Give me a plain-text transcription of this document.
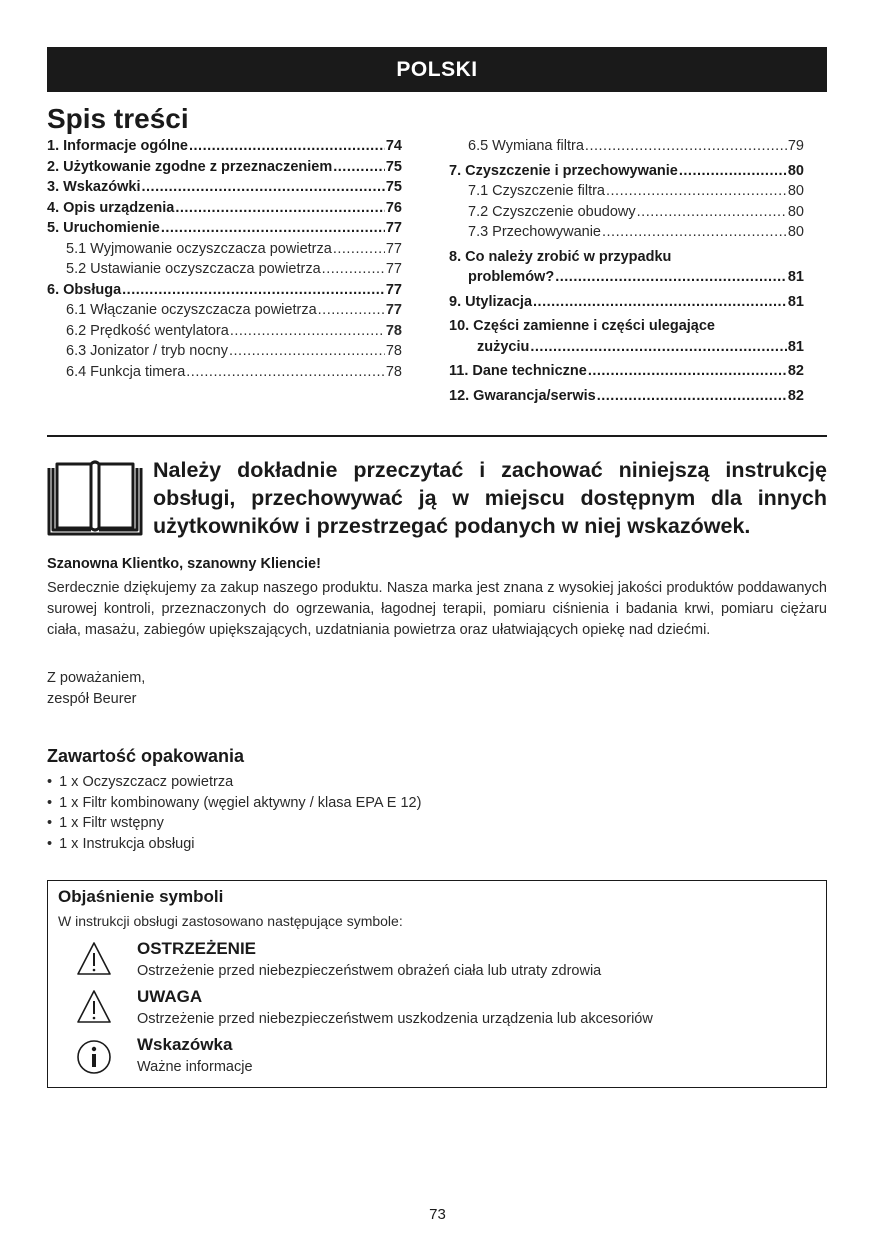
POLSKI
Spis treści
1. Informacje ogólne .....	74
2. Użytkowanie zgodne z przeznaczeniem .....	75
3. Wskazówki .....	75
4. Opis urządzenia .....	76
5. Uruchomienie .....	77
5.1 Wyjmowanie oczyszczacza powietrza .....	77
5.2 Ustawianie oczyszczacza powietrza .....	77
6. Obsługa .....	77
6.1 Włączanie oczyszczacza powietrza .....	77
6.2 Prędkość wentylatora .....	78
6.3 Jonizator / tryb nocny .....	78
6.4 Funkcja timera .....	78
6.5 Wymiana filtra .....	79
7. Czyszczenie i przechowywanie .....	80
7.1 Czyszczenie filtra .....	80
7.2 Czyszczenie obudowy .....	80
7.3 Przechowywanie .....	80
8. Co należy zrobić w przypadku
problemów? .....	81
9. Utylizacja .....	81
10. Części zamienne i części ulegające
zużyciu .....	81
11. Dane techniczne .....	82
12. Gwarancja/serwis .....	82

Należy dokładnie przeczytać i zachować niniejszą instrukcję obsługi, przechowywać ją w miejscu dostępnym dla innych użytkowników i przestrzegać podanych w niej wskazówek.

Szanowna Klientko, szanowny Kliencie!

Serdecznie dziękujemy za zakup naszego produktu. Nasza marka jest znana z wysokiej jakości produktów poddawanych surowej kontroli, przeznaczonych do ogrzewania, łagodnej terapii, pomiaru ciśnienia i badania krwi, pomiaru ciężaru ciała, masażu, zabiegów upiększających, uzdatniania powietrza oraz ułatwiających opiekę nad dziećmi.

Z poważaniem,
zespół Beurer
Zawartość opakowania
• 1 x Oczyszczacz powietrza
• 1 x Filtr kombinowany (węgiel aktywny / klasa EPA E 12)
• 1 x Filtr wstępny
• 1 x Instrukcja obsługi
Objaśnienie symboli

W instrukcji obsługi zastosowano następujące symbole:

OSTRZEŻENIE

Ostrzeżenie przed niebezpieczeństwem obrażeń ciała lub utraty zdrowia

UWAGA

Ostrzeżenie przed niebezpieczeństwem uszkodzenia urządzenia lub akcesoriów

Wskazówka

Ważne informacje

73
